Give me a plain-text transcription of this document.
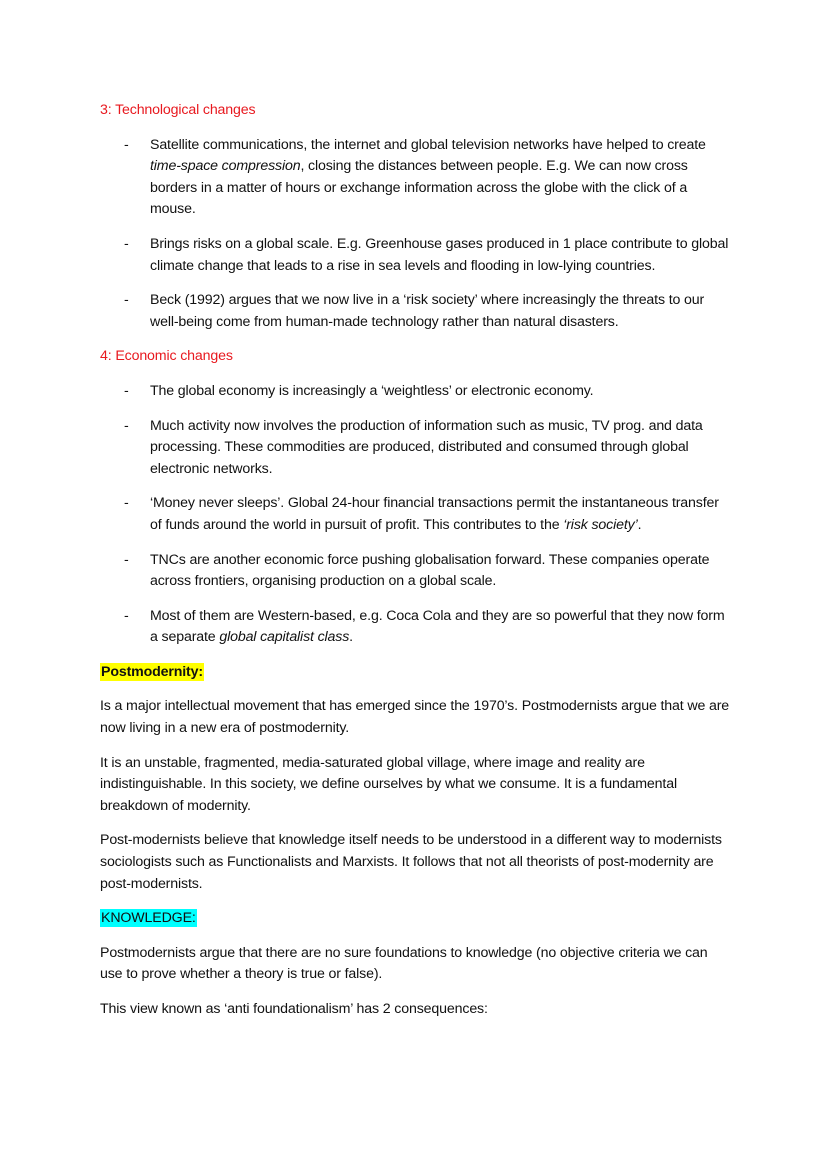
3: Technological changes
- Satellite communications, the internet and global television networks have helped to create time-space compression, closing the distances between people. E.g. We can now cross borders in a matter of hours or exchange information across the globe with the click of a mouse.
- Brings risks on a global scale. E.g. Greenhouse gases produced in 1 place contribute to global climate change that leads to a rise in sea levels and flooding in low-lying countries.
- Beck (1992) argues that we now live in a ‘risk society’ where increasingly the threats to our well-being come from human-made technology rather than natural disasters.
4: Economic changes
- The global economy is increasingly a ‘weightless’ or electronic economy.
- Much activity now involves the production of information such as music, TV prog. and data processing. These commodities are produced, distributed and consumed through global electronic networks.
- ‘Money never sleeps’. Global 24-hour financial transactions permit the instantaneous transfer of funds around the world in pursuit of profit. This contributes to the ‘risk society’.
- TNCs are another economic force pushing globalisation forward. These companies operate across frontiers, organising production on a global scale.
- Most of them are Western-based, e.g. Coca Cola and they are so powerful that they now form a separate global capitalist class.
Postmodernity:

Is a major intellectual movement that has emerged since the 1970’s. Postmodernists argue that we are now living in a new era of postmodernity.

It is an unstable, fragmented, media-saturated global village, where image and reality are indistinguishable. In this society, we define ourselves by what we consume. It is a fundamental breakdown of modernity.

Post-modernists believe that knowledge itself needs to be understood in a different way to modernists sociologists such as Functionalists and Marxists. It follows that not all theorists of post-modernity are post-modernists.

KNOWLEDGE:

Postmodernists argue that there are no sure foundations to knowledge (no objective criteria we can use to prove whether a theory is true or false).

This view known as ‘anti foundationalism’ has 2 consequences:
